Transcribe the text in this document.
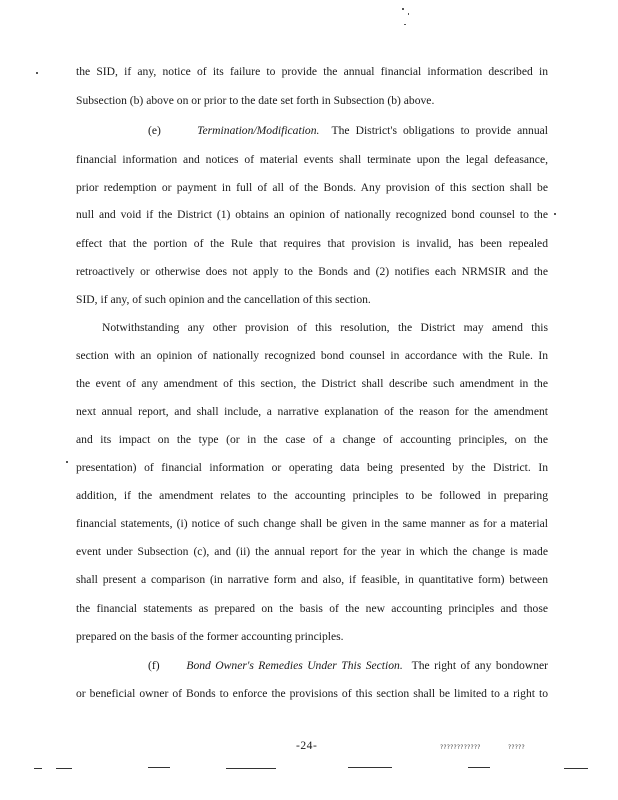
the SID, if any, notice of its failure to provide the annual financial information described in
Subsection (b) above on or prior to the date set forth in Subsection (b) above.
(e)	Termination/Modification. The District's obligations to provide annual
financial information and notices of material events shall terminate upon the legal defeasance,
prior redemption or payment in full of all of the Bonds. Any provision of this section shall be
null and void if the District (1) obtains an opinion of nationally recognized bond counsel to the
effect that the portion of the Rule that requires that provision is invalid, has been repealed
retroactively or otherwise does not apply to the Bonds and (2) notifies each NRMSIR and the
SID, if any, of such opinion and the cancellation of this section.
Notwithstanding any other provision of this resolution, the District may amend this
section with an opinion of nationally recognized bond counsel in accordance with the Rule. In
the event of any amendment of this section, the District shall describe such amendment in the
next annual report, and shall include, a narrative explanation of the reason for the amendment
and its impact on the type (or in the case of a change of accounting principles, on the
presentation) of financial information or operating data being presented by the District. In
addition, if the amendment relates to the accounting principles to be followed in preparing
financial statements, (i) notice of such change shall be given in the same manner as for a material
event under Subsection (c), and (ii) the annual report for the year in which the change is made
shall present a comparison (in narrative form and also, if feasible, in quantitative form) between
the financial statements as prepared on the basis of the new accounting principles and those
prepared on the basis of the former accounting principles.
(f) Bond Owner's Remedies Under This Section. The right of any bondowner
or beneficial owner of Bonds to enforce the provisions of this section shall be limited to a right to
-24-	????????????	?????
